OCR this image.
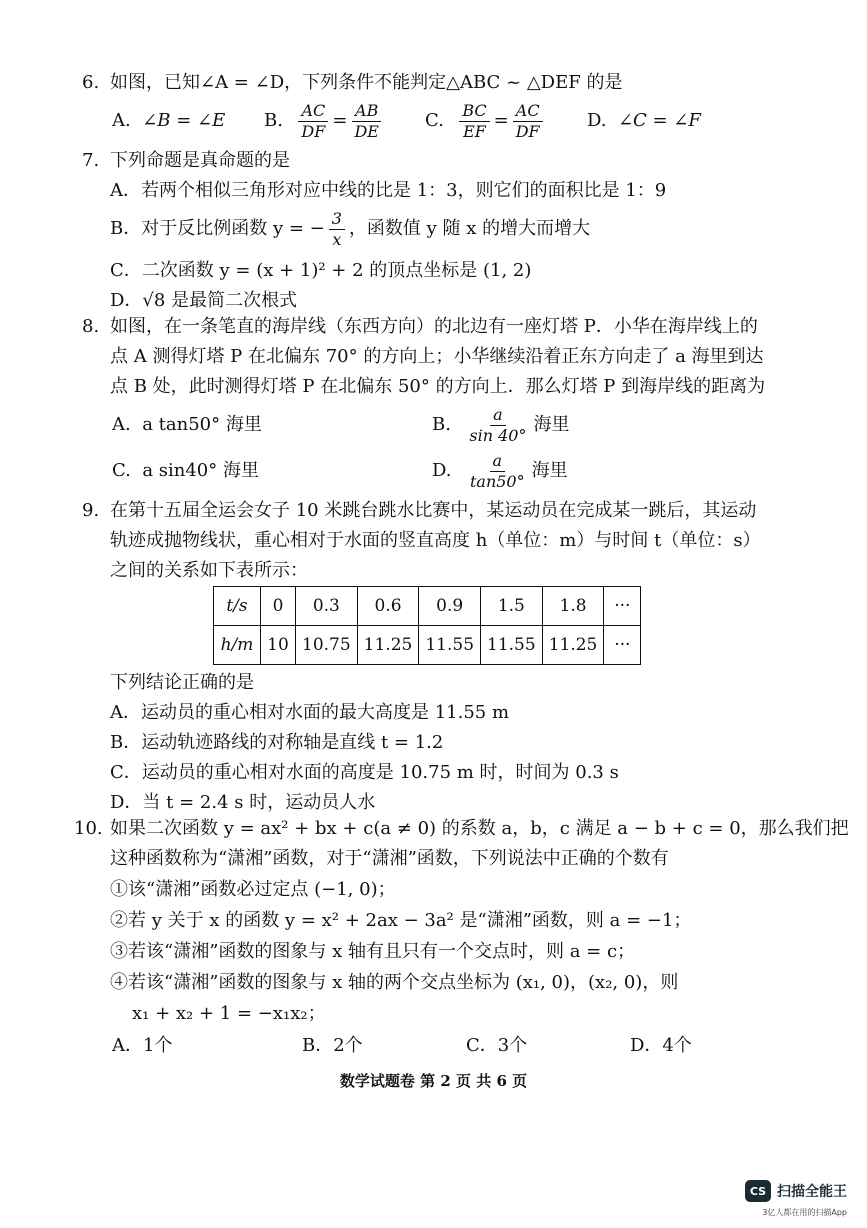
6. 如图，已知∠A = ∠D，下列条件不能判定△ABC ~ △DEF 的是
A.
∠B = ∠E B.
$\frac{AC}{DF} = \frac{AB}{DE} C$.
$\frac{BC}{EF} = \frac{AC}{DF} D$.
∠C = ∠F
7. 下列命题是真命题的是
A．若两个相似三角形对应中线的比是 1：3，则它们的面积比是 1：9
B．对于反比例函数 y = − $\frac{3}{x}$ ，函数值 y 随 x 的增大而增大
C．二次函数 y = (x + 1)² + 2 的顶点坐标是 (1, 2)
D．√8 是最简二次根式
8. 如图，在一条笔直的海岸线（东西方向）的北边有一座灯塔 P．小华在海岸线上的
点 A 测得灯塔 P 在北偏东 70° 的方向上；小华继续沿着正东方向走了 a 海里到达
点 B 处，此时测得灯塔 P 在北偏东 50° 的方向上．那么灯塔 P 到海岸线的距离为
A.
a tan50° 海里	B.
$\frac{a}{\sin 40^\circ}$ 海里
C.
a sin40° 海里	D.
$\frac{a}{\tan 50^\circ}$ 海里
9. 在第十五届全运会女子 10 米跳台跳水比赛中，某运动员在完成某一跳后，其运动
轨迹成抛物线状，重心相对于水面的竖直高度 h（单位：m）与时间 t（单位：s）
之间的关系如下表所示：
t/s	0	0.3	0.6	0.9	1.5	1.8	···
h/m	10	10.75	11.25	11.55	11.55	11.25	···
下列结论正确的是
A．运动员的重心相对水面的最大高度是 11.55 m
B．运动轨迹路线的对称轴是直线 t = 1.2
C．运动员的重心相对水面的高度是 10.75 m 时，时间为 0.3 s
D．当 t = 2.4 s 时，运动员人水
10. 如果二次函数 y = ax² + bx + c(a ≠ 0) 的系数 a，b，c 满足 a − b + c = 0，那么我们把
这种函数称为“潇湘”函数，对于“潇湘”函数，下列说法中正确的个数有
①该“潇湘”函数必过定点 (−1, 0)；
②若 y 关于 x 的函数 y = x² + 2ax − 3a² 是“潇湘”函数，则 a = −1；
③若该“潇湘”函数的图象与 x 轴有且只有一个交点时，则 a = c；
④若该“潇湘”函数的图象与 x 轴的两个交点坐标为 (x₁, 0)，(x₂, 0)，则
x₁ + x₂ + 1 = −x₁x₂；
A．1个	B．2个	C．3个	D．4个
数学试题卷 第 2 页 共 6 页
CS 扫描全能王
3亿人都在用的扫描App
